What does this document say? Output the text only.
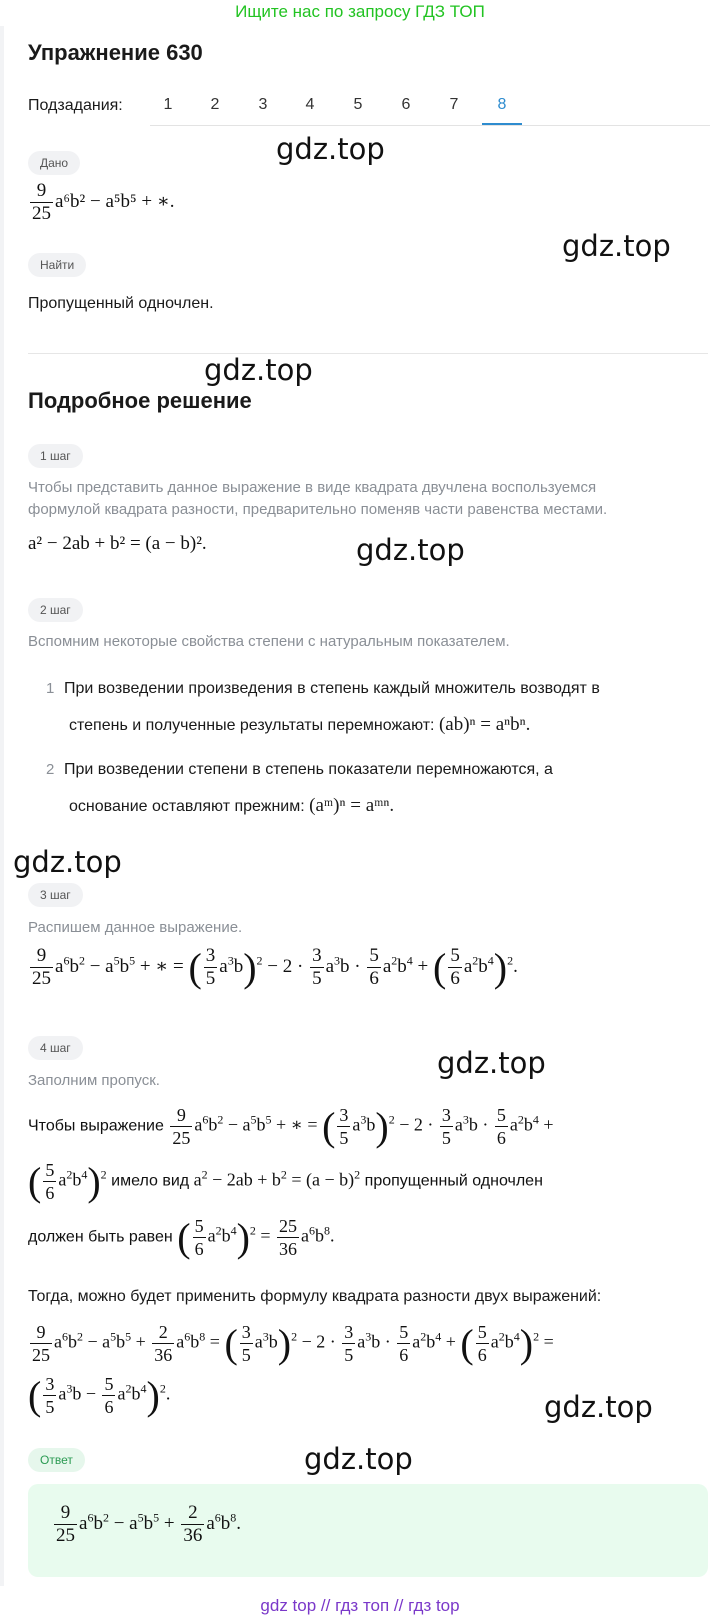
Ищите нас по запросу ГДЗ ТОП
Упражнение 630
Подзадания:	1	2	3	4	5	6	7	8
Дано
$\frac{9}{25} a^6b^2 - a^5b^5$ + ∗.
Найти
Пропущенный одночлен.
Подробное решение
1 шаг
Чтобы представить данное выражение в виде квадрата двучлена воспользуемся
формулой квадрата разности, предварительно поменяв части равенства местами.
a² − 2ab + b² = (a − b)².
2 шаг
Вспомним некоторые свойства степени с натуральным показателем.
1 При возведении произведения в степень каждый множитель возводят в
степень и полученные результаты перемножают: (ab)ⁿ = aⁿbⁿ.
2 При возведении степени в степень показатели перемножаются, а
основание оставляют прежним: (aᵐ)ⁿ = aᵐⁿ.
3 шаг
Распишем данное выражение.
$\frac{9}{25} a^6b^2 - a^5b^5$ + ∗ = ( $\frac{3}{5} a^3b)^2 - 2 \cdot \frac{3}{5} a^3b \cdot \frac{5}{6} a^2b^4$ + ( $\frac{5}{6} a^2b^4)^2$.
4 шаг
Заполним пропуск.
Чтобы выражение $\frac{9}{25} a^6b^2 - a^5b^5$ + ∗ = ( $\frac{3}{5} a^3b)^2 - 2 \cdot \frac{3}{5} a^3b \cdot \frac{5}{6} a^2b^4$ +
( $\frac{5}{6} a^2b^4)^2$ имело вид $a^2 - 2ab + b^2 = (a - b)^2$ пропущенный одночлен
должен быть равен ( $\frac{5}{6} a^2b^4)^2 = \frac{25}{36} a^6b^8$.
Тогда, можно будет применить формулу квадрата разности двух выражений:
$\frac{9}{25} a^6b^2 - a^5b^5 + \frac{2}{36} a^6b^8$ = ( $\frac{3}{5} a^3b)^2 - 2 \cdot \frac{3}{5} a^3b \cdot \frac{5}{6} a^2b^4$ + ( $\frac{5}{6} a^2b^4)^2$ =
( $\frac{3}{5} a^3b - \frac{5}{6} a^2b^4)^2$.
Ответ
$\frac{9}{25} a^6b^2 - a^5b^5 + \frac{2}{36} a^6b^8$.
gdz.top
gdz.top
gdz.top
gdz.top
gdz.top
gdz.top
gdz.top
gdz.top
gdz top // гдз топ // гдз top
